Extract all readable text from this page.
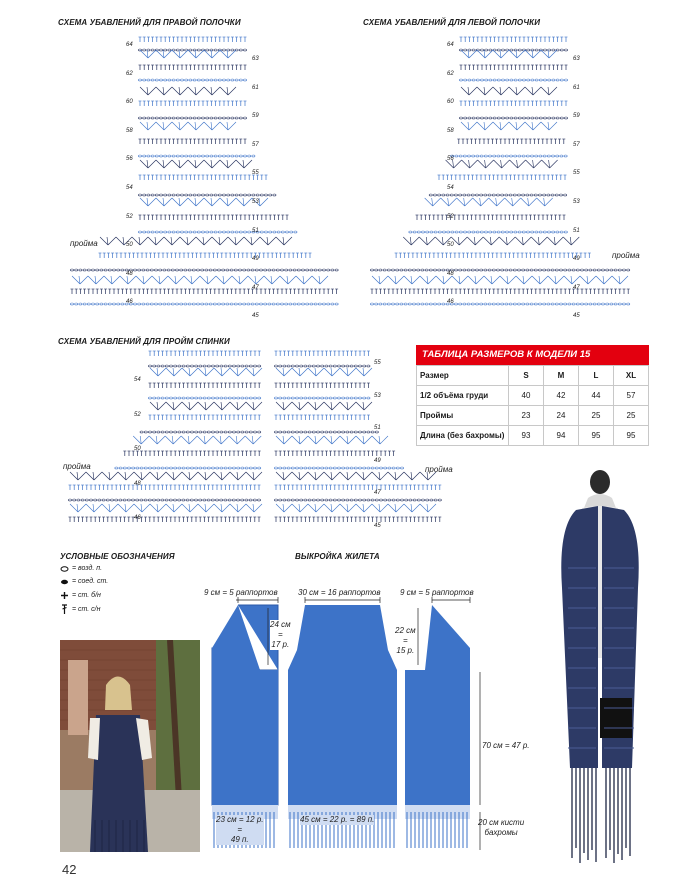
СХЕМА УБАВЛЕНИЙ ДЛЯ ПРАВОЙ ПОЛОЧКИ	СХЕМА УБАВЛЕНИЙ ДЛЯ ЛЕВОЙ ПОЛОЧКИ
СХЕМА УБАВЛЕНИЙ ДЛЯ ПРОЙМ СПИНКИ
64
62
60
58
56
54
52
50
48
46
63
61
59
57
55
53
51
49
47
45
64
62
60
58
56
54
52
50
48
46
63
61
59
57
55
53
51
49
47
45
54
52
50
48
46
55
53
51
49
47
45
пройма
пройма
пройма	пройма
ТАБЛИЦА РАЗМЕРОВ К МОДЕЛИ 15
Размер	S	M	L	XL
1/2 объёма груди	40	42	44	57
Проймы	23	24	25	25
Длина (без бахромы)	93	94	95	95
УСЛОВНЫЕ ОБОЗНАЧЕНИЯ
= возд. п.
= соед. ст.
= ст. б/н
= ст. с/н
ВЫКРОЙКА ЖИЛЕТА
9 см = 5 раппортов	30 см = 16 раппортов 9 см = 5 раппортов
24 см
=
17 р.
22 см
=
15 р.
70 см = 47 р.
20 см кисти
бахромы
23 см = 12 р.
=
49 п.
45 см = 22 р. = 89 п.
42
